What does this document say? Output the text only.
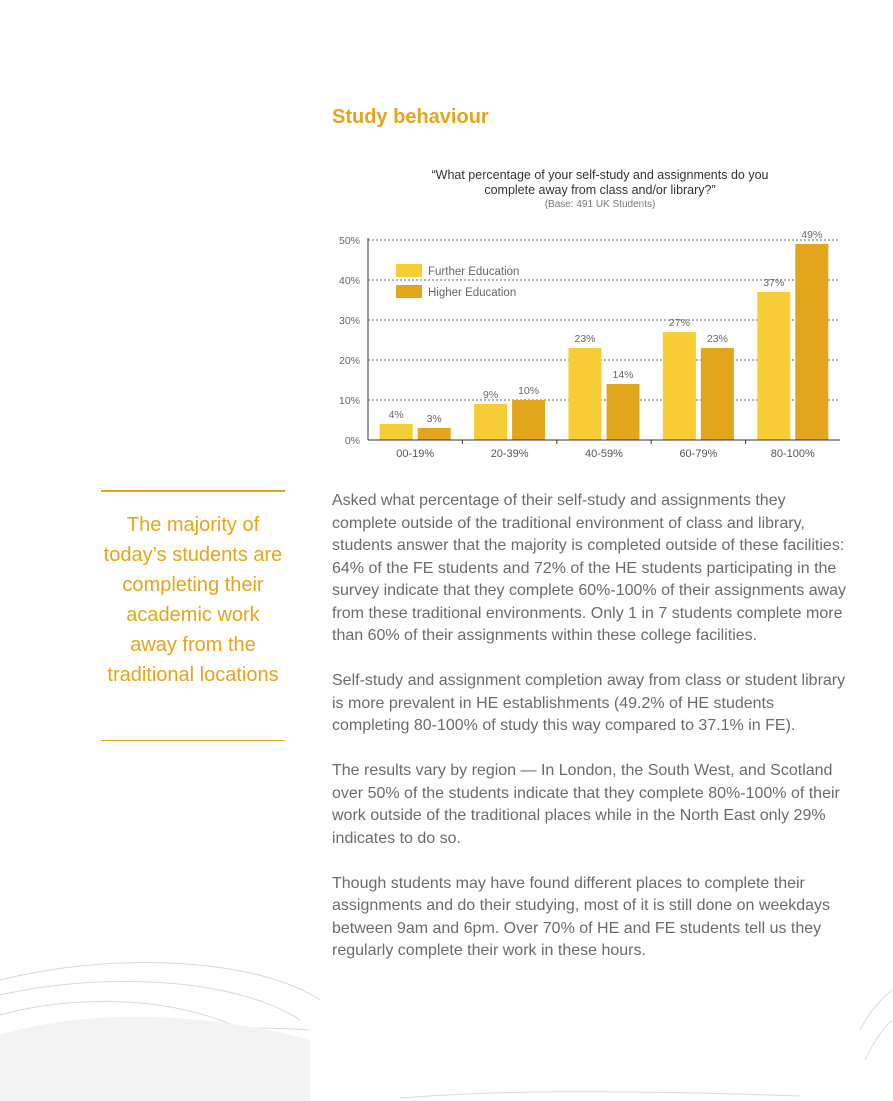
Study behaviour
“What percentage of your self-study and assignments do you
complete away from class and/or library?”
(Base: 491 UK Students)
0%
10%
20%
30%
40%
50%
4% 3%
9% 10%
23%
14%
27%
23%
37%
49%
00-19%	20-39%	40-59%	60-79%	80-100%
Further Education
Higher Education
The majority of today’s students are completing their academic work away from the traditional locations

Asked what percentage of their self-study and assignments they complete outside of the traditional environment of class and library, students answer that the majority is completed outside of these facilities: 64% of the FE students and 72% of the HE students participating in the survey indicate that they complete 60%-100% of their assignments away from these traditional environments. Only 1 in 7 students complete more than 60% of their assignments within these college facilities.

Self-study and assignment completion away from class or student library is more prevalent in HE establishments (49.2% of HE students completing 80-100% of study this way compared to 37.1% in FE).

The results vary by region — In London, the South West, and Scotland over 50% of the students indicate that they complete 80%-100% of their work outside of the traditional places while in the North East only 29% indicates to do so.

Though students may have found different places to complete their assignments and do their studying, most of it is still done on weekdays between 9am and 6pm. Over 70% of HE and FE students tell us they regularly complete their work in these hours.
